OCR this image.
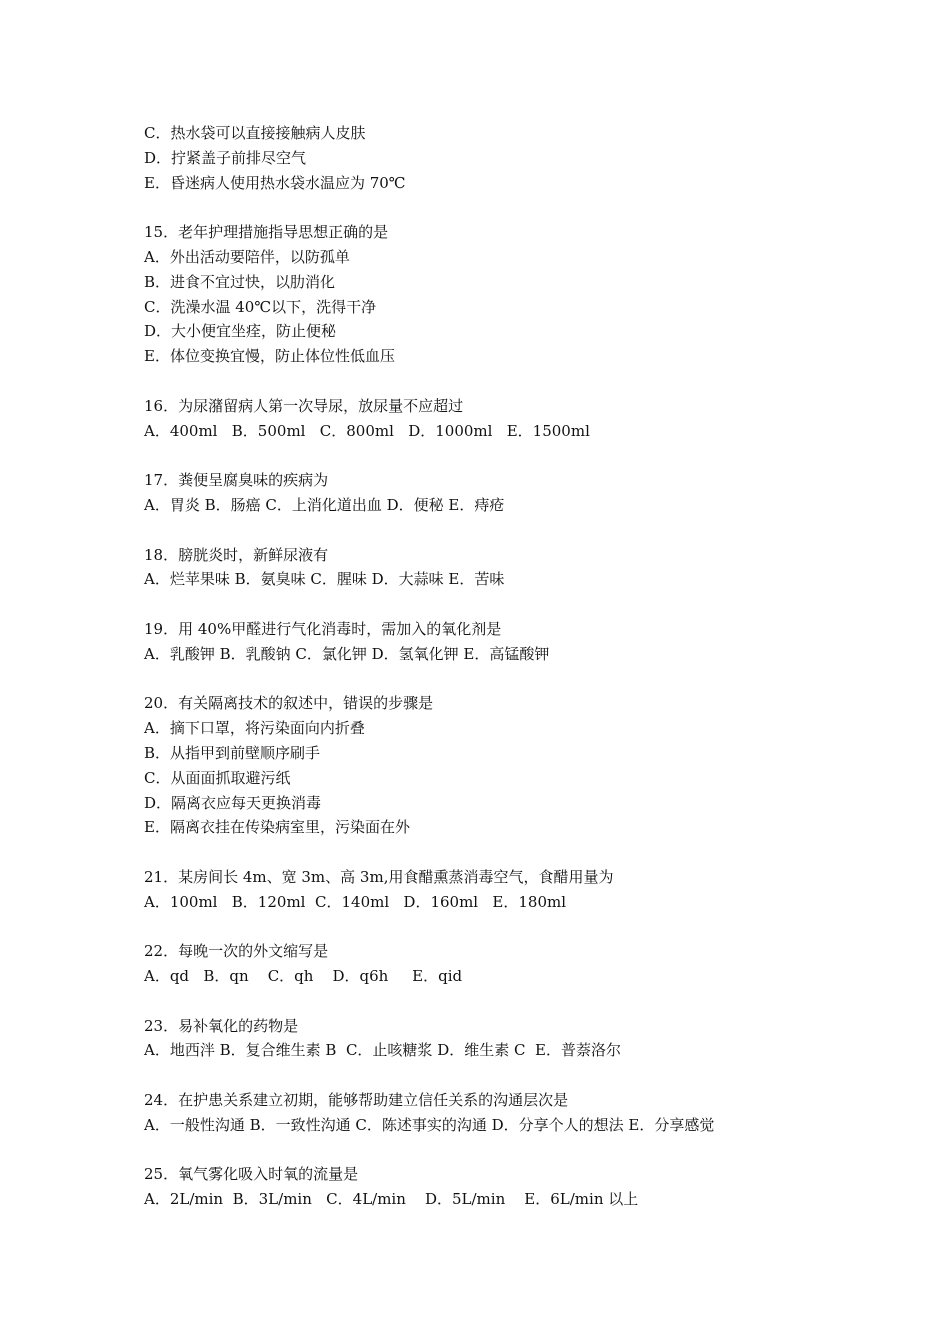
C．热水袋可以直接接触病人皮肤
D．拧紧盖子前排尽空气
E．昏迷病人使用热水袋水温应为 70℃
15．老年护理措施指导思想正确的是
A．外出活动要陪伴，以防孤单
B．进食不宜过快，以肋消化
C．洗澡水温 40℃以下，洗得干净
D．大小便宜坐痊，防止便秘
E．体位变换宜慢，防止体位性低血压
16．为尿潴留病人第一次导尿，放尿量不应超过
A．400ml   B．500ml   C．800ml   D．1000ml   E．1500ml
17．粪便呈腐臭味的疾病为
A．胃炎 B．肠癌 C．上消化道出血 D．便秘 E．痔疮
18．膀胱炎时，新鲜尿液有
A．烂苹果味 B．氨臭味 C．腥味 D．大蒜味 E．苦味
19．用 40%甲醛进行气化消毒时，需加入的氧化剂是
A．乳酸钾 B．乳酸钠 C．氯化钾 D．氢氧化钾 E．高锰酸钾
20．有关隔离技术的叙述中，错误的步骤是
A．摘下口罩，将污染面向内折叠
B．从指甲到前壁顺序刷手
C．从面面抓取避污纸
D．隔离衣应每天更换消毒
E．隔离衣挂在传染病室里，污染面在外
21．某房间长 4m、宽 3m、高 3m,用食醋熏蒸消毒空气，食醋用量为
A．100ml   B．120ml  C．140ml   D．160ml   E．180ml
22．每晚一次的外文缩写是
A．qd   B．qn    C．qh    D．q6h     E．qid
23．易补氧化的药物是
A．地西泮 B．复合维生素 B  C．止咳糖浆 D．维生素 C  E．普萘洛尔
24．在护患关系建立初期，能够帮助建立信任关系的沟通层次是
A．一般性沟通 B．一致性沟通 C．陈述事实的沟通 D．分享个人的想法 E．分享感觉
25．氧气雾化吸入时氧的流量是
A．2L/min  B．3L/min   C．4L/min    D．5L/min    E．6L/min 以上
